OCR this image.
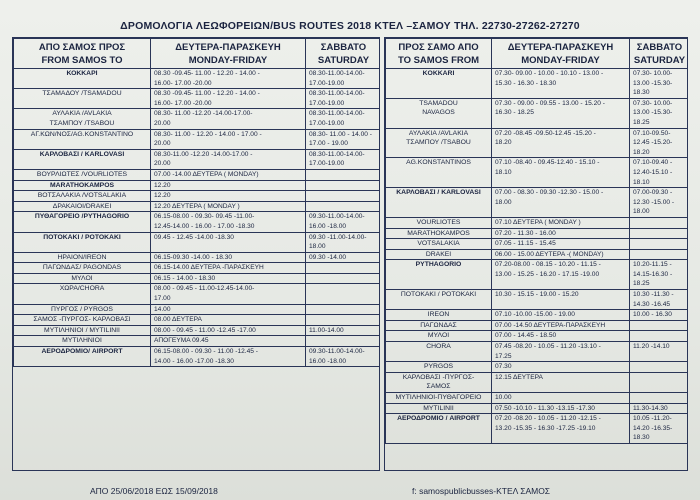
ΔΡΟΜΟΛΟΓΙΑ ΛΕΩΦΟΡΕΙΩΝ/BUS ROUTES 2018 ΚΤΕΛ –ΣΑΜΟΥ ΤΗΛ. 22730-27262-27270
ΑΠΟ ΣΑΜΟΣ ΠΡΟΣ
FROM SAMOS TO	ΔΕΥΤΕΡΑ-ΠΑΡΑΣΚΕΥΗ
MONDAY-FRIDAY	ΣΑΒΒΑΤΟ
SATURDAY

ΚΟΚΚΑΡΙ	08.30 -09.45- 11.00 - 12.20 - 14.00 -
16.00- 17.00 -20.00	08.30-11.00-14.00-
17.00-19.00

ΤΣΑΜΑΔΟΥ /TSAMADOU	08.30 -09.45- 11.00 - 12.20 - 14.00 -
16.00- 17.00 -20.00	08.30-11.00-14.00-
17.00-19.00

ΑΥΛΑΚΙΑ /AVLAKIA
ΤΣΑΜΠΟΥ /TSABOU	08.30- 11.00 -12.20 -14.00-17.00-
20.00	08.30-11.00-14.00-
17.00-19.00

ΑΓ.ΚΩΝ/ΝΟΣ/AG.KONSTANTINO	08.30- 11.00 - 12.20 - 14.00 - 17.00 -
20.00	08.30- 11.00 - 14.00 -
17.00 - 19.00

ΚΑΡΛΟΒΑΣΙ / KARLOVASI	08.30-11.00 -12.20 -14.00-17.00 -
20.00	08.30-11.00-14.00-
17.00-19.00

ΒΟΥΡΛΙΩΤΕΣ /VOURLIOTES	07.00 -14.00 ΔΕΥΤΕΡΑ ( MONDAY)	

MARATHOKAMPOS	12.20	

ΒΟΤΣΑΛΑΚΙΑ /VOTSALAKIA	12.20	

ΔΡΑΚΑΙΟΙ/DRAKEI	12.20 ΔΕΥΤΕΡΑ ( MONDAY )	

ΠΥΘΑΓΟΡΕΙΟ /PYTHAGORIO	06.15-08.00 - 09.30- 09.45 -11.00-
12.45-14.00 - 16.00 - 17.00 -18.30	09.30-11.00-14.00-
16.00 -18.00

ΠΟΤΟΚΑΚΙ / POTOKAKI	09.45 - 12.45 -14.00 -18.30	09.30 -11.00-14.00-
18.00

ΗΡΑΙΟΝ/IREON	06.15-09.30 -14.00 - 18.30	09.30 -14.00

ΠΑΓΩΝΔΑΣ/ PAGONDAS	06.15-14.00 ΔΕΥΤΕΡΑ -ΠΑΡΑΣΚΕΥΗ	

ΜΥΛΟΙ	06.15 - 14.00 - 18.30	

ΧΩΡΑ/CHORA	08.00 - 09.45 - 11.00-12.45-14.00-
17.00	

ΠΥΡΓΟΣ / PYRGOS	14.00	

ΣΑΜΟΣ -ΠΥΡΓΟΣ- ΚΑΡΛΟΒΑΣΙ	08.00 ΔΕΥΤΕΡΑ	

ΜΥΤΙΛΗΝΙΟΙ / MYTILINII	08.00 - 09.45 - 11.00 -12.45 -17.00	11.00-14.00

ΜΥΤΙΛΗΝΙΟΙ	ΑΠΟΓΕΥΜΑ 09.45	

ΑΕΡΟΔΡΟΜΙΟ/ AIRPORT	06.15-08.00 - 09.30 - 11.00 -12.45 -
14.00 - 16.00 -17.00 -18.30	09.30-11.00-14.00-
16.00 -18.00
ΠΡΟΣ ΣΑΜΟ ΑΠΟ
TO SAMOS FROM	ΔΕΥΤΕΡΑ-ΠΑΡΑΣΚΕΥΗ
MONDAY-FRIDAY	ΣΑΒΒΑΤΟ
SATURDAY

KOKKARI	07.30- 09.00 - 10.00 - 10.10 - 13.00 -
15.30 - 16.30 - 18.30	07.30- 10.00-
13.00 -15.30-
18.30

TSAMADOU
NAVAGOS	07.30 - 09.00 - 09.55 - 13.00 - 15.20 -
16.30 - 18.25	07.30- 10.00-
13.00 -15.30-
18.25

ΑΥΛΑΚΙΑ /AVLAKIA
ΤΣΑΜΠΟΥ /TSABOU	07.20 -08.45 -09.50-12.45 -15.20 -
18.20	07.10-09.50-
12.45 -15.20-
18.20

AG.KONSTANTINOS	07.10 -08.40 - 09.45-12.40 - 15.10 -
18.10	07.10-09.40 -
12.40-15.10 -
18.10

ΚΑΡΛΟΒΑΣΙ / KARLOVASI	07.00 - 08.30 - 09.30 -12.30 - 15.00 -
18.00	07.00-09.30 -
12.30 -15.00 -
18.00

VOURLIOTES	07.10 ΔΕΥΤΕΡΑ ( MONDAY )	

MARATHOKAMPOS	07.20 - 11.30 - 16.00	

VOTSALAKIA	07.05 - 11.15 - 15.45	

DRAKEI	06.00 - 15.00 ΔΕΥΤΕΡΑ -( MONDAY)	

PYTHAGORIO	07.20-08.00 - 08.15 - 10.20 - 11.15 -
13.00 - 15.25 - 16.20 - 17.15 -19.00	10.20-11.15 -
14.15-16.30 -
18.25

ΠΟΤΟΚΑΚΙ / POTOKAKI	10.30 - 15.15 - 19.00 - 15.20	10.30 -11.30 -
14.30 -16.45

IREON	07.10 -10.00 -15.00 - 19.00	10.00 - 16.30

ΠΑΓΩΝΔΑΣ	07.00 -14.50 ΔΕΥΤΕΡΑ-ΠΑΡΑΣΚΕΥΗ	

ΜΥΛΟΙ	07.00 - 14.45 - 18.50	

CHORA	07.45 -08.20 - 10.05 - 11.20 -13.10 -
17.25	11.20 -14.10

PYRGOS	07.30	

ΚΑΡΛΟΒΑΣΙ -ΠΥΡΓΟΣ-
ΣΑΜΟΣ	12.15 ΔΕΥΤΕΡΑ	

ΜΥΤΙΛΗΝΙΟΙ-ΠΥΘΑΓΟΡΕΙΟ	10.00	

MYTILINII	07.50 -10.10 - 11.30 -13.15 -17.30	11.30-14.30

ΑΕΡΟΔΡΟΜΙΟ / AIRPORT	07.20 -08.20 - 10.05 - 11.20 -12.15 -
13.20 -15.35 - 16.30 -17.25 -19.10	10.05 -11.20-
14.20 -16.35-
18.30
ΑΠΟ 25/06/2018 ΕΩΣ 15/09/2018	f: samospublicbusses-ΚΤΕΛ ΣΑΜΟΣ
